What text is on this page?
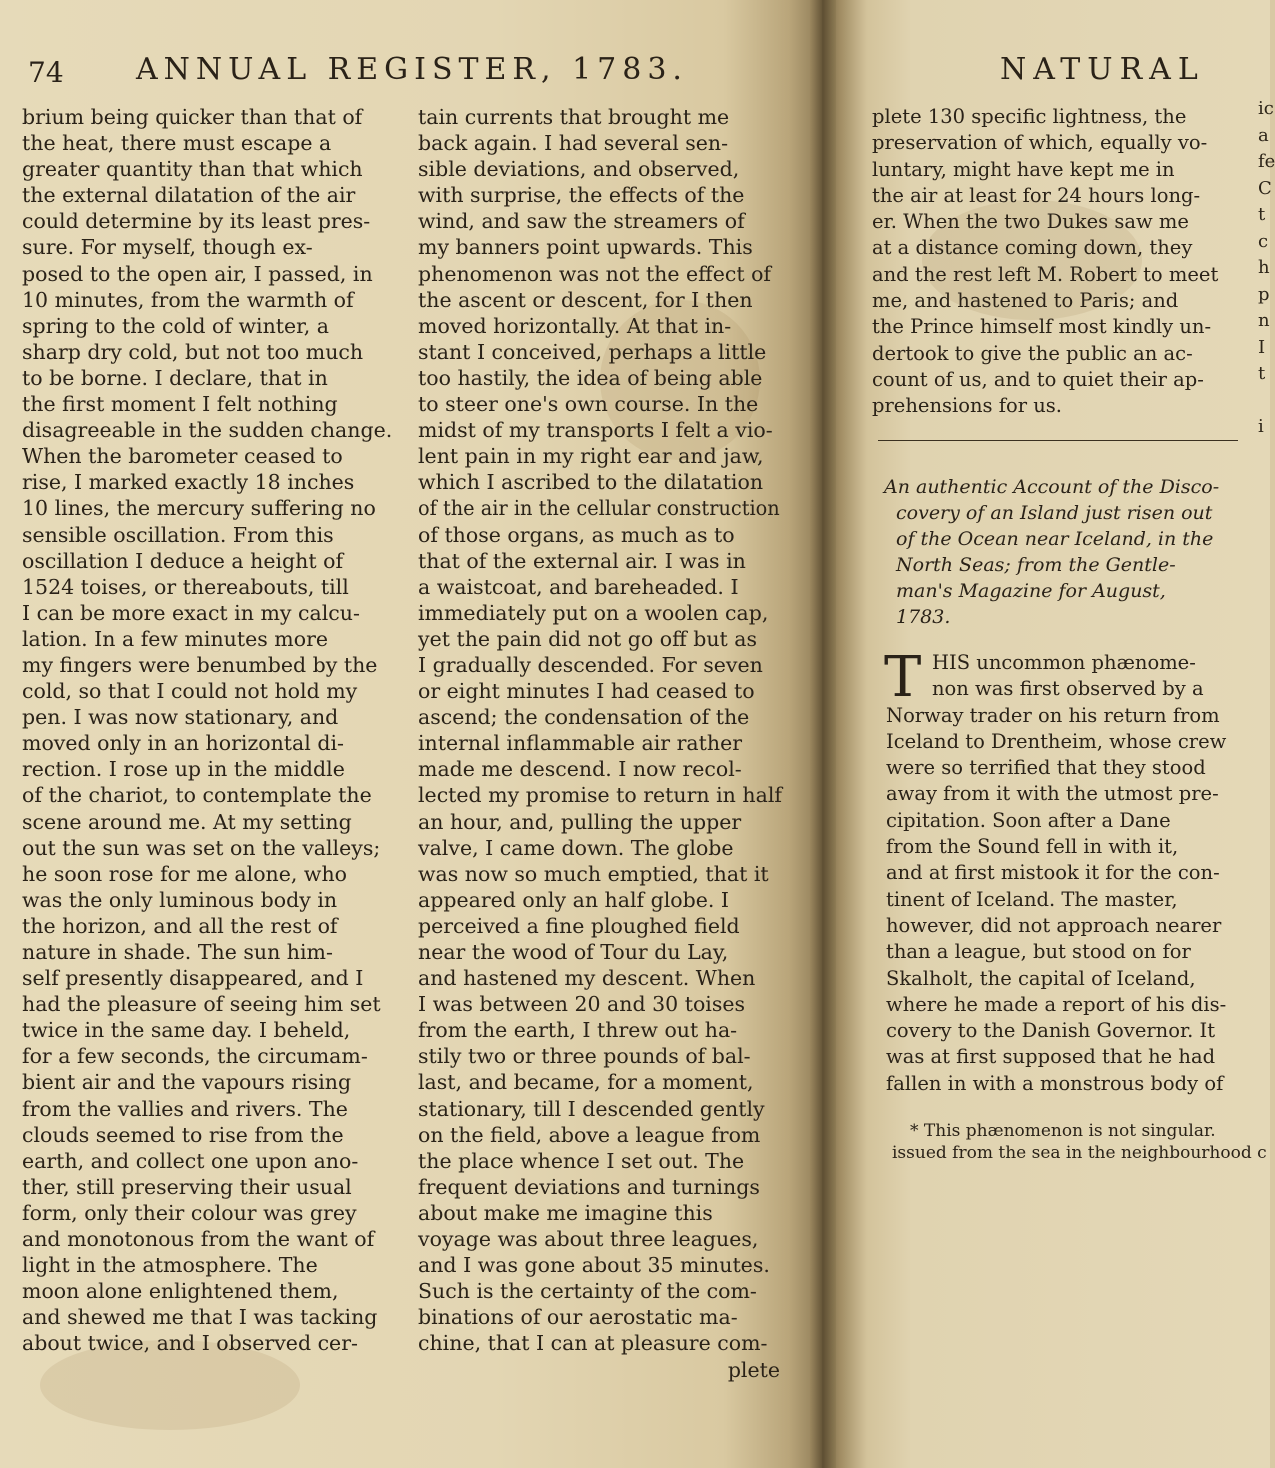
74 ANNUAL REGISTER, 1783.	NATURAL
brium being quicker than that of
the heat, there must escape a
greater quantity than that which
the external dilatation of the air
could determine by its least pres-
sure. For myself, though ex-
posed to the open air, I passed, in
10 minutes, from the warmth of
spring to the cold of winter, a
sharp dry cold, but not too much
to be borne. I declare, that in
the first moment I felt nothing
disagreeable in the sudden change.
When the barometer ceased to
rise, I marked exactly 18 inches
10 lines, the mercury suffering no
sensible oscillation. From this
oscillation I deduce a height of
1524 toises, or thereabouts, till
I can be more exact in my calcu-
lation. In a few minutes more
my fingers were benumbed by the
cold, so that I could not hold my
pen. I was now stationary, and
moved only in an horizontal di-
rection. I rose up in the middle
of the chariot, to contemplate the
scene around me. At my setting
out the sun was set on the valleys;
he soon rose for me alone, who
was the only luminous body in
the horizon, and all the rest of
nature in shade. The sun him-
self presently disappeared, and I
had the pleasure of seeing him set
twice in the same day. I beheld,
for a few seconds, the circumam-
bient air and the vapours rising
from the vallies and rivers. The
clouds seemed to rise from the
earth, and collect one upon ano-
ther, still preserving their usual
form, only their colour was grey
and monotonous from the want of
light in the atmosphere. The
moon alone enlightened them,
and shewed me that I was tacking
about twice, and I observed cer-
tain currents that brought me
back again. I had several sen-
sible deviations, and observed,
with surprise, the effects of the
wind, and saw the streamers of
my banners point upwards. This
phenomenon was not the effect of
the ascent or descent, for I then
moved horizontally. At that in-
stant I conceived, perhaps a little
too hastily, the idea of being able
to steer one's own course. In the
midst of my transports I felt a vio-
lent pain in my right ear and jaw,
which I ascribed to the dilatation
of the air in the cellular construction
of those organs, as much as to
that of the external air. I was in
a waistcoat, and bareheaded. I
immediately put on a woolen cap,
yet the pain did not go off but as
I gradually descended. For seven
or eight minutes I had ceased to
ascend; the condensation of the
internal inflammable air rather
made me descend. I now recol-
lected my promise to return in half
an hour, and, pulling the upper
valve, I came down. The globe
was now so much emptied, that it
appeared only an half globe. I
perceived a fine ploughed field
near the wood of Tour du Lay,
and hastened my descent. When
I was between 20 and 30 toises
from the earth, I threw out ha-
stily two or three pounds of bal-
last, and became, for a moment,
stationary, till I descended gently
on the field, above a league from
the place whence I set out. The
frequent deviations and turnings
about make me imagine this
voyage was about three leagues,
and I was gone about 35 minutes.
Such is the certainty of the com-
binations of our aerostatic ma-
chine, that I can at pleasure com-
plete
plete 130 specific lightness, the
preservation of which, equally vo-
luntary, might have kept me in
the air at least for 24 hours long-
er. When the two Dukes saw me
at a distance coming down, they
and the rest left M. Robert to meet
me, and hastened to Paris; and
the Prince himself most kindly un-
dertook to give the public an ac-
count of us, and to quiet their ap-
prehensions for us.
An authentic Account of the Disco-
covery of an Island just risen out
of the Ocean near Iceland, in the
North Seas; from the Gentle-
man's Magazine for August,
1783.
T HIS uncommon phænome-
non was first observed by a
Norway trader on his return from
Iceland to Drentheim, whose crew
were so terrified that they stood
away from it with the utmost pre-
cipitation. Soon after a Dane
from the Sound fell in with it,
and at first mistook it for the con-
tinent of Iceland. The master,
however, did not approach nearer
than a league, but stood on for
Skalholt, the capital of Iceland,
where he made a report of his dis-
covery to the Danish Governor. It
was at first supposed that he had
fallen in with a monstrous body of
* This phænomenon is not singular.
issued from the sea in the neighbourhood c
ic
a
fe
C
t
c
h
p
n
I
t
i
